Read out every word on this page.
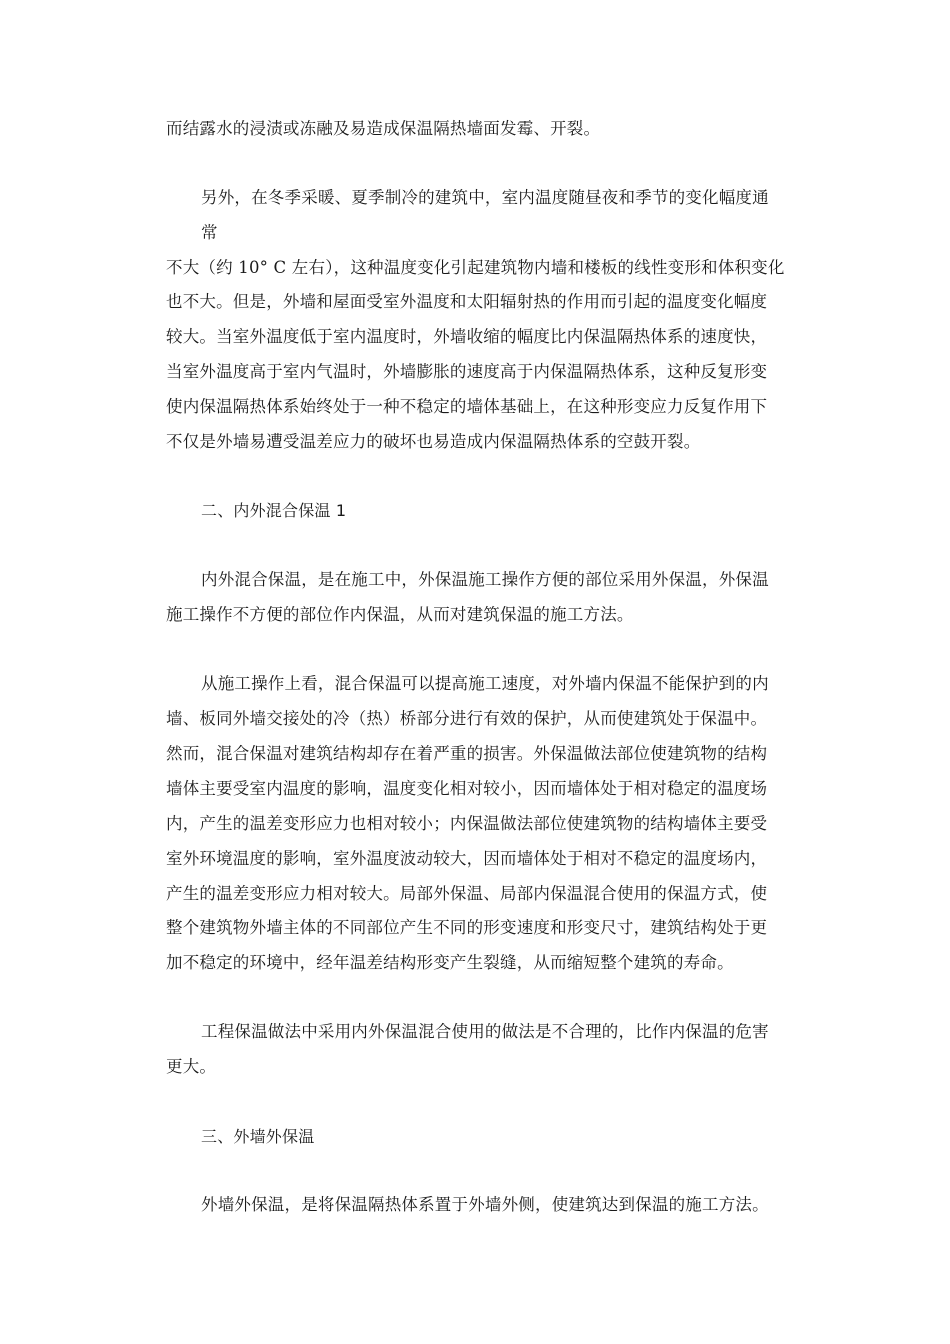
而结露水的浸渍或冻融及易造成保温隔热墙面发霉、开裂。
另外，在冬季采暖、夏季制冷的建筑中，室内温度随昼夜和季节的变化幅度通
常
不大（约 10° C 左右），这种温度变化引起建筑物内墙和楼板的线性变形和体积变化
也不大。但是，外墙和屋面受室外温度和太阳辐射热的作用而引起的温度变化幅度
较大。当室外温度低于室内温度时，外墙收缩的幅度比内保温隔热体系的速度快，
当室外温度高于室内气温时，外墙膨胀的速度高于内保温隔热体系，这种反复形变
使内保温隔热体系始终处于一种不稳定的墙体基础上，在这种形变应力反复作用下
不仅是外墙易遭受温差应力的破坏也易造成内保温隔热体系的空鼓开裂。
二、内外混合保温 1
内外混合保温，是在施工中，外保温施工操作方便的部位采用外保温，外保温
施工操作不方便的部位作内保温，从而对建筑保温的施工方法。
从施工操作上看，混合保温可以提高施工速度，对外墙内保温不能保护到的内
墙、板同外墙交接处的冷（热）桥部分进行有效的保护，从而使建筑处于保温中。
然而，混合保温对建筑结构却存在着严重的损害。外保温做法部位使建筑物的结构
墙体主要受室内温度的影响，温度变化相对较小，因而墙体处于相对稳定的温度场
内，产生的温差变形应力也相对较小；内保温做法部位使建筑物的结构墙体主要受
室外环境温度的影响，室外温度波动较大，因而墙体处于相对不稳定的温度场内，
产生的温差变形应力相对较大。局部外保温、局部内保温混合使用的保温方式，使
整个建筑物外墙主体的不同部位产生不同的形变速度和形变尺寸，建筑结构处于更
加不稳定的环境中，经年温差结构形变产生裂缝，从而缩短整个建筑的寿命。
工程保温做法中采用内外保温混合使用的做法是不合理的，比作内保温的危害
更大。
三、外墙外保温
外墙外保温，是将保温隔热体系置于外墙外侧，使建筑达到保温的施工方法。
